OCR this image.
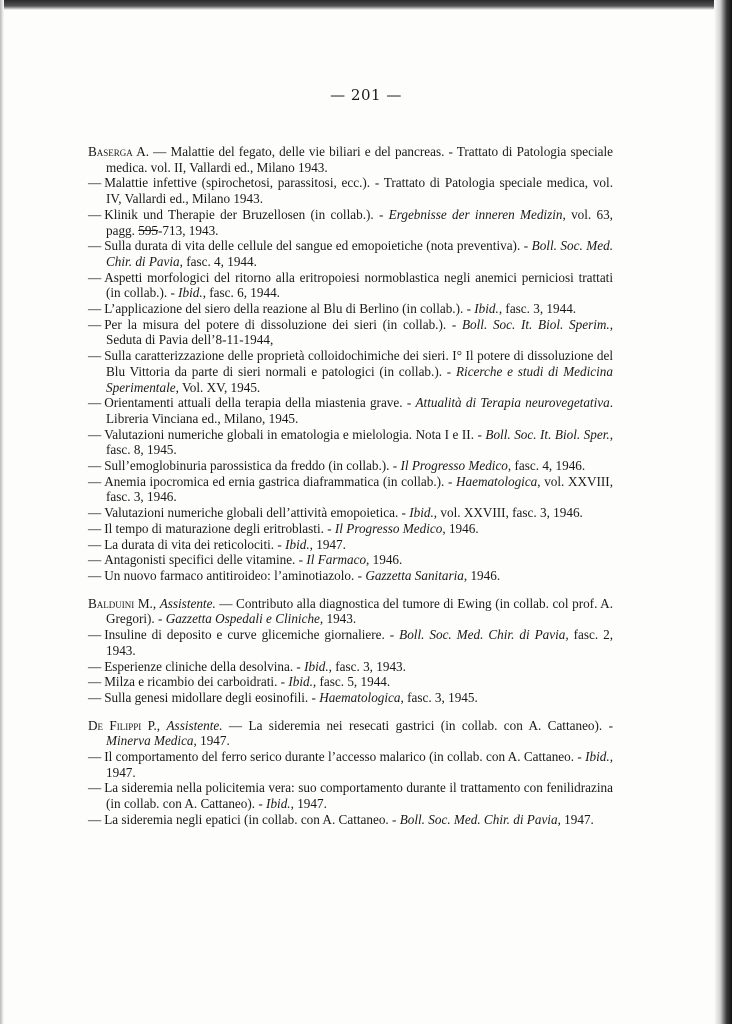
— 201 —

Baserga A. — Malattie del fegato, delle vie biliari e del pancreas. - Trattato di Patologia speciale medica. vol. II, Vallardi ed., Milano 1943.

— Malattie infettive (spirochetosi, parassitosi, ecc.). - Trattato di Patologia speciale medica, vol. IV, Vallardi ed., Milano 1943.

— Klinik und Therapie der Bruzellosen (in collab.). - Ergebnisse der inneren Medizin, vol. 63, pagg. 595-713, 1943.

— Sulla durata di vita delle cellule del sangue ed emopoietiche (nota preventiva). - Boll. Soc. Med. Chir. di Pavia, fasc. 4, 1944.

— Aspetti morfologici del ritorno alla eritropoiesi normoblastica negli anemici perniciosi trattati (in collab.). - Ibid., fasc. 6, 1944.

— L’applicazione del siero della reazione al Blu di Berlino (in collab.). - Ibid., fasc. 3, 1944.

— Per la misura del potere di dissoluzione dei sieri (in collab.). - Boll. Soc. It. Biol. Sperim., Seduta di Pavia dell’8-11-1944,

— Sulla caratterizzazione delle proprietà colloidochimiche dei sieri. I° Il potere di dissoluzione del Blu Vittoria da parte di sieri normali e patologici (in collab.). - Ricerche e studi di Medicina Sperimentale, Vol. XV, 1945.

— Orientamenti attuali della terapia della miastenia grave. - Attualità di Terapia neurovegetativa. Libreria Vinciana ed., Milano, 1945.

— Valutazioni numeriche globali in ematologia e mielologia. Nota I e II. - Boll. Soc. It. Biol. Sper., fasc. 8, 1945.

— Sull’emoglobinuria parossistica da freddo (in collab.). - Il Progresso Medico, fasc. 4, 1946.

— Anemia ipocromica ed ernia gastrica diaframmatica (in collab.). - Haematologica, vol. XXVIII, fasc. 3, 1946.

— Valutazioni numeriche globali dell’attività emopoietica. - Ibid., vol. XXVIII, fasc. 3, 1946.

— Il tempo di maturazione degli eritroblasti. - Il Progresso Medico, 1946.

— La durata di vita dei reticolociti. - Ibid., 1947.

— Antagonisti specifici delle vitamine. - Il Farmaco, 1946.

— Un nuovo farmaco antitiroideo: l’aminotiazolo. - Gazzetta Sanitaria, 1946.

Balduini M., Assistente. — Contributo alla diagnostica del tumore di Ewing (in collab. col prof. A. Gregori). - Gazzetta Ospedali e Cliniche, 1943.

— Insuline di deposito e curve glicemiche giornaliere. - Boll. Soc. Med. Chir. di Pavia, fasc. 2, 1943.

— Esperienze cliniche della desolvina. - Ibid., fasc. 3, 1943.

— Milza e ricambio dei carboidrati. - Ibid., fasc. 5, 1944.

— Sulla genesi midollare degli eosinofili. - Haematologica, fasc. 3, 1945.

De Filippi P., Assistente. — La sideremia nei resecati gastrici (in collab. con A. Cattaneo). - Minerva Medica, 1947.

— Il comportamento del ferro serico durante l’accesso malarico (in collab. con A. Cattaneo. - Ibid., 1947.

— La sideremia nella policitemia vera: suo comportamento durante il trattamento con fenilidrazina (in collab. con A. Cattaneo). - Ibid., 1947.

— La sideremia negli epatici (in collab. con A. Cattaneo. - Boll. Soc. Med. Chir. di Pavia, 1947.
